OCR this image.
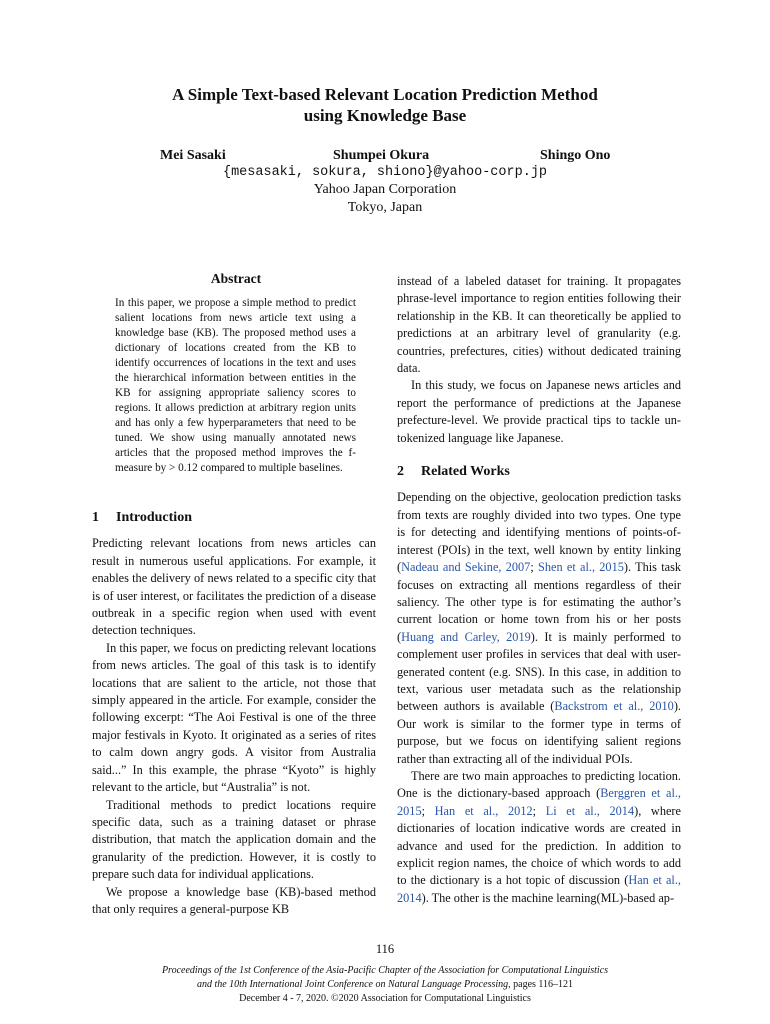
A Simple Text-based Relevant Location Prediction Method
using Knowledge Base
Mei Sasaki	Shumpei Okura	Shingo Ono
{mesasaki, sokura, shiono}@yahoo-corp.jp
Yahoo Japan Corporation
Tokyo, Japan
Abstract
In this paper, we propose a simple method to predict salient locations from news article text using a knowledge base (KB). The proposed method uses a dictionary of locations created from the KB to identify occurrences of locations in the text and uses the hierarchical information between entities in the KB for assigning appropriate saliency scores to regions. It allows prediction at arbitrary region units and has only a few hyperparameters that need to be tuned. We show using manually annotated news articles that the proposed method improves the f-measure by > 0.12 compared to multiple baselines.
1 Introduction

Predicting relevant locations from news articles can result in numerous useful applications. For example, it enables the delivery of news related to a specific city that is of user interest, or facilitates the prediction of a disease outbreak in a specific region when used with event detection techniques.

In this paper, we focus on predicting relevant locations from news articles. The goal of this task is to identify locations that are salient to the article, not those that simply appeared in the article. For example, consider the following excerpt: “The Aoi Festival is one of the three major festivals in Kyoto. It originated as a series of rites to calm down angry gods. A visitor from Australia said...” In this example, the phrase “Kyoto” is highly relevant to the article, but “Australia” is not.

Traditional methods to predict locations require specific data, such as a training dataset or phrase distribution, that match the application domain and the granularity of the prediction. However, it is costly to prepare such data for individual applications.

We propose a knowledge base (KB)-based method that only requires a general-purpose KB

instead of a labeled dataset for training. It propagates phrase-level importance to region entities following their relationship in the KB. It can theoretically be applied to predictions at an arbitrary level of granularity (e.g. countries, prefectures, cities) without dedicated training data.

In this study, we focus on Japanese news articles and report the performance of predictions at the Japanese prefecture-level. We provide practical tips to tackle un-tokenized language like Japanese.

2 Related Works

Depending on the objective, geolocation prediction tasks from texts are roughly divided into two types. One type is for detecting and identifying mentions of points-of-interest (POIs) in the text, well known by entity linking (Nadeau and Sekine, 2007; Shen et al., 2015). This task focuses on extracting all mentions regardless of their saliency. The other type is for estimating the author’s current location or home town from his or her posts (Huang and Carley, 2019). It is mainly performed to complement user profiles in services that deal with user-generated content (e.g. SNS). In this case, in addition to text, various user metadata such as the relationship between authors is available (Backstrom et al., 2010). Our work is similar to the former type in terms of purpose, but we focus on identifying salient regions rather than extracting all of the individual POIs.

There are two main approaches to predicting location. One is the dictionary-based approach (Berggren et al., 2015; Han et al., 2012; Li et al., 2014), where dictionaries of location indicative words are created in advance and used for the prediction. In addition to explicit region names, the choice of which words to add to the dictionary is a hot topic of discussion (Han et al., 2014). The other is the machine learning(ML)-based ap-

116
Proceedings of the 1st Conference of the Asia-Pacific Chapter of the Association for Computational Linguistics
and the 10th International Joint Conference on Natural Language Processing, pages 116–121
December 4 - 7, 2020. ©2020 Association for Computational Linguistics
